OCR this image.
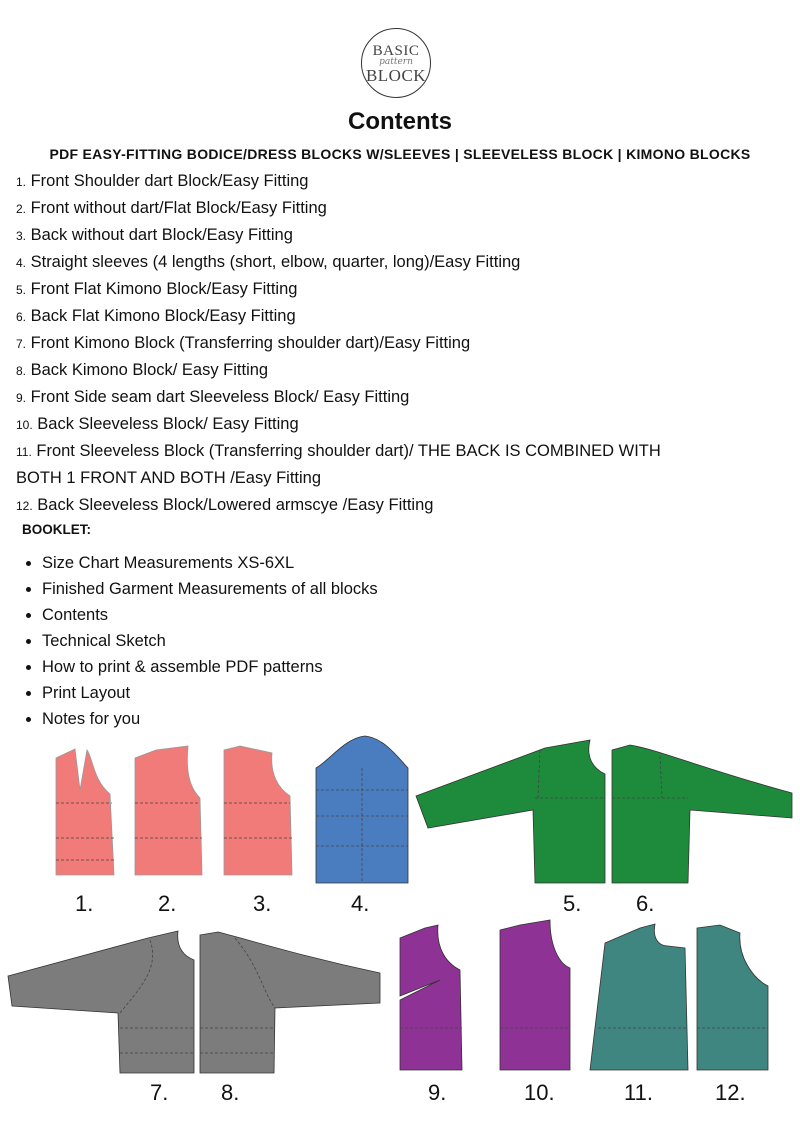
BASIC
pattern
BLOCK
Contents

PDF EASY-FITTING BODICE/DRESS BLOCKS W/SLEEVES | SLEEVELESS BLOCK | KIMONO BLOCKS

1. Front Shoulder dart Block/Easy Fitting
2. Front without dart/Flat Block/Easy Fitting
3. Back without dart Block/Easy Fitting
4. Straight sleeves (4 lengths (short, elbow, quarter, long)/Easy Fitting
5. Front Flat Kimono Block/Easy Fitting
6. Back Flat Kimono Block/Easy Fitting
7. Front Kimono Block (Transferring shoulder dart)/Easy Fitting
8. Back Kimono Block/ Easy Fitting
9. Front Side seam dart Sleeveless Block/ Easy Fitting
10. Back Sleeveless Block/ Easy Fitting
11. Front Sleeveless Block (Transferring shoulder dart)/ THE BACK IS COMBINED WITH
BOTH 1 FRONT AND BOTH /Easy Fitting
12. Back Sleeveless Block/Lowered armscye /Easy Fitting

BOOKLET:

Size Chart Measurements XS-6XL
Finished Garment Measurements of all blocks
Contents
Technical Sketch
How to print & assemble PDF patterns
Print Layout
Notes for you
1.	2.	3.	4.	5. 6.
7. 8.	9.	10.	11.	12.
